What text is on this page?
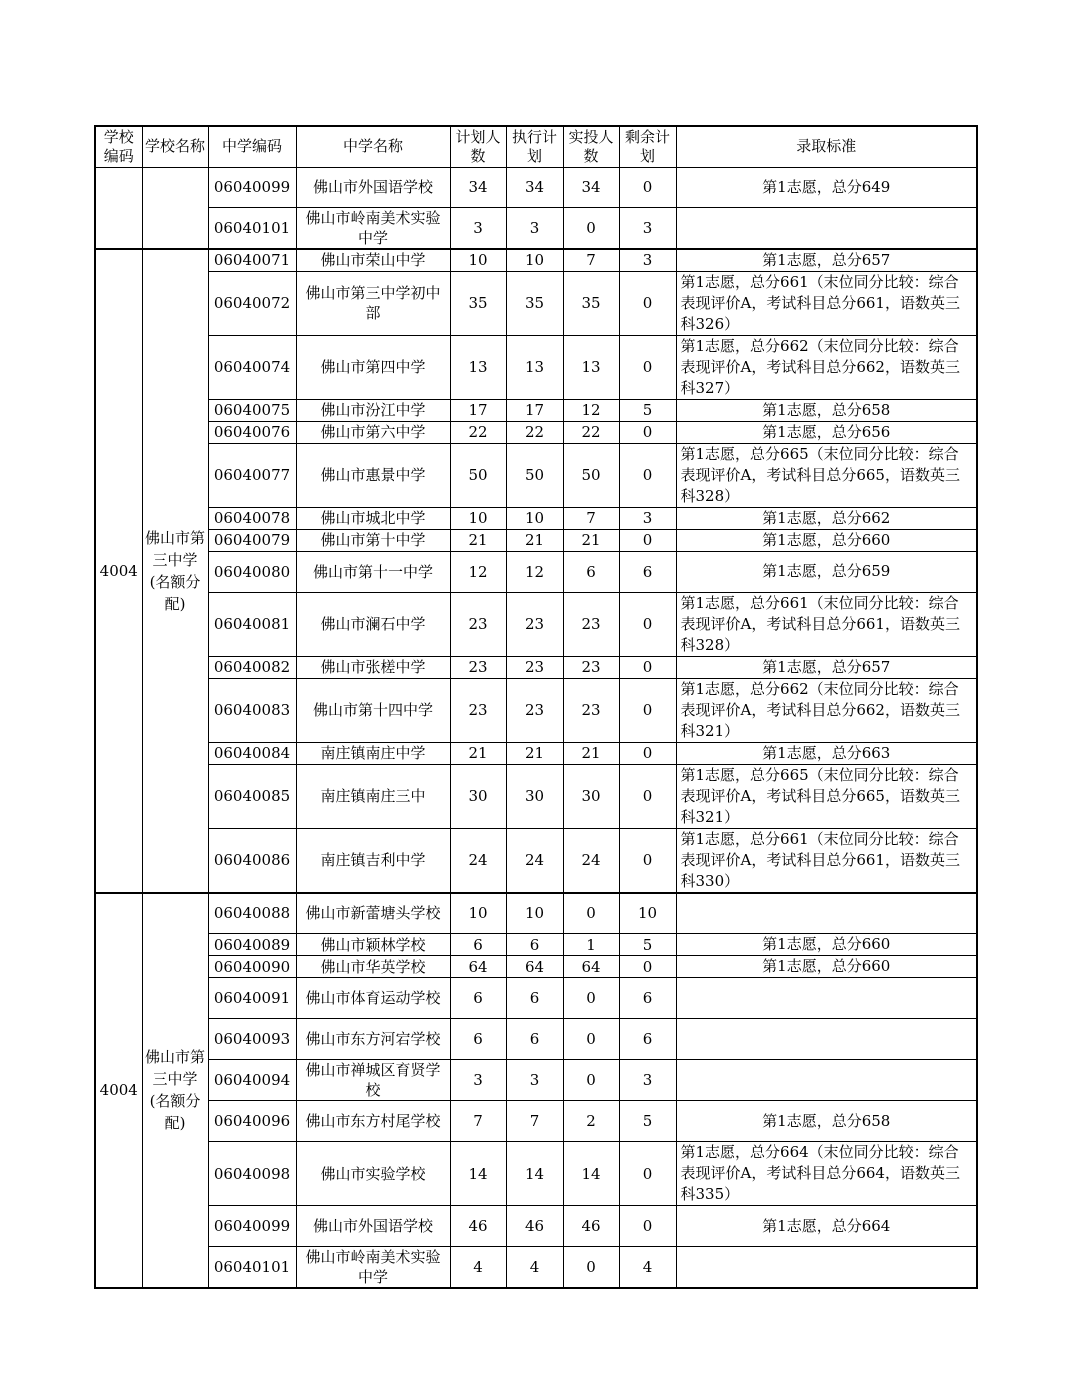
学校编码	学校名称	中学编码	中学名称	计划人数	执行计划	实投人数	剩余计划	录取标准
		06040099	佛山市外国语学校	34	34	34	0	第1志愿，总分649
		06040101	佛山市岭南美术实验中学	3	3	0	3	
4004	佛山市第三中学(名额分配)	06040071	佛山市荣山中学	10	10	7	3	第1志愿，总分657
		06040072	佛山市第三中学初中部	35	35	35	0	第1志愿，总分661（末位同分比较：综合表现评价A，考试科目总分661，语数英三科326）
		06040074	佛山市第四中学	13	13	13	0	第1志愿，总分662（末位同分比较：综合表现评价A，考试科目总分662，语数英三科327）
		06040075	佛山市汾江中学	17	17	12	5	第1志愿，总分658
		06040076	佛山市第六中学	22	22	22	0	第1志愿，总分656
		06040077	佛山市惠景中学	50	50	50	0	第1志愿，总分665（末位同分比较：综合表现评价A，考试科目总分665，语数英三科328）
		06040078	佛山市城北中学	10	10	7	3	第1志愿，总分662
		06040079	佛山市第十中学	21	21	21	0	第1志愿，总分660
		06040080	佛山市第十一中学	12	12	6	6	第1志愿，总分659
		06040081	佛山市澜石中学	23	23	23	0	第1志愿，总分661（末位同分比较：综合表现评价A，考试科目总分661，语数英三科328）
		06040082	佛山市张槎中学	23	23	23	0	第1志愿，总分657
		06040083	佛山市第十四中学	23	23	23	0	第1志愿，总分662（末位同分比较：综合表现评价A，考试科目总分662，语数英三科321）
		06040084	南庄镇南庄中学	21	21	21	0	第1志愿，总分663
		06040085	南庄镇南庄三中	30	30	30	0	第1志愿，总分665（末位同分比较：综合表现评价A，考试科目总分665，语数英三科321）
		06040086	南庄镇吉利中学	24	24	24	0	第1志愿，总分661（末位同分比较：综合表现评价A，考试科目总分661，语数英三科330）
4004	佛山市第三中学(名额分配)	06040088	佛山市新蕾塘头学校	10	10	0	10	
		06040089	佛山市颖林学校	6	6	1	5	第1志愿，总分660
		06040090	佛山市华英学校	64	64	64	0	第1志愿，总分660
		06040091	佛山市体育运动学校	6	6	0	6	
		06040093	佛山市东方河宕学校	6	6	0	6	
		06040094	佛山市禅城区育贤学校	3	3	0	3	
		06040096	佛山市东方村尾学校	7	7	2	5	第1志愿，总分658
		06040098	佛山市实验学校	14	14	14	0	第1志愿，总分664（末位同分比较：综合表现评价A，考试科目总分664，语数英三科335）
		06040099	佛山市外国语学校	46	46	46	0	第1志愿，总分664
		06040101	佛山市岭南美术实验中学	4	4	0	4	
